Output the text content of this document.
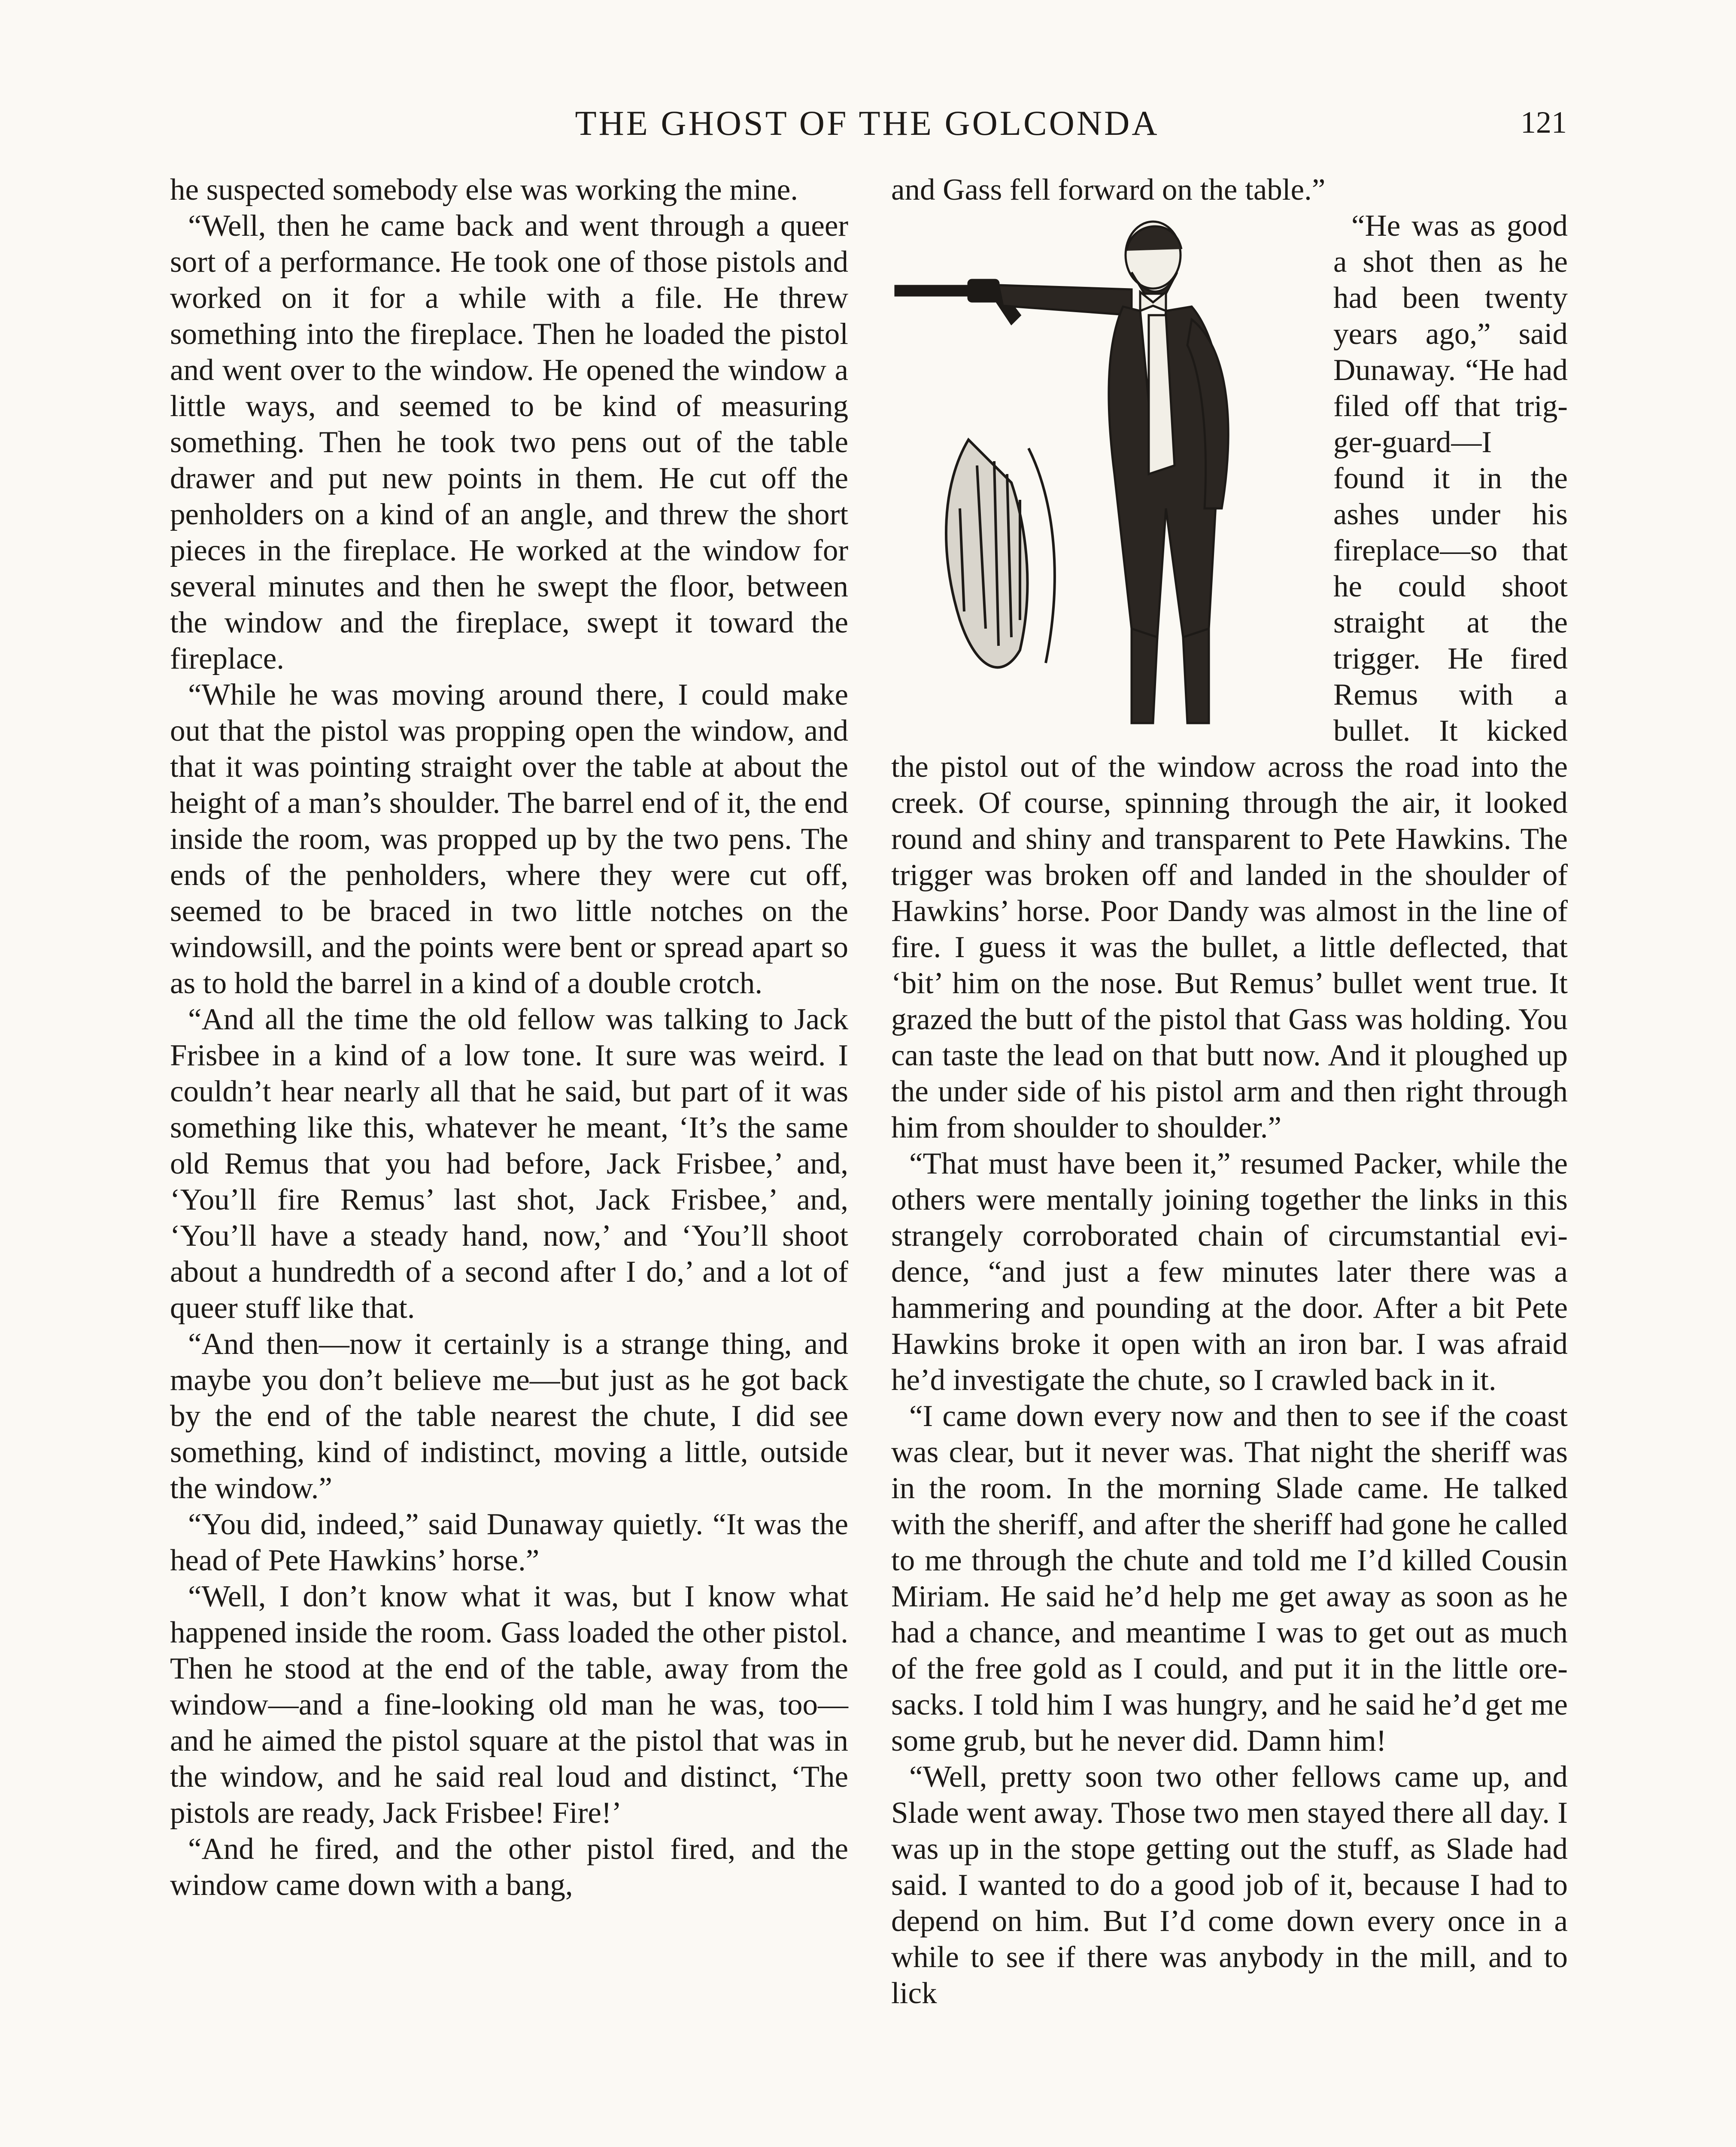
THE GHOST OF THE GOLCONDA	121

he suspected somebody else was working the mine.

“Well, then he came back and went through a queer sort of a performance. He took one of those pistols and worked on it for a while with a file. He threw something into the fireplace. Then he loaded the pistol and went over to the window. He opened the window a little ways, and seemed to be kind of measuring something. Then he took two pens out of the table drawer and put new points in them. He cut off the penholders on a kind of an angle, and threw the short pieces in the fireplace. He worked at the window for several minutes and then he swept the floor, between the window and the fireplace, swept it toward the fireplace.

“While he was moving around there, I could make out that the pistol was propping open the window, and that it was pointing straight over the table at about the height of a man’s shoulder. The barrel end of it, the end inside the room, was propped up by the two pens. The ends of the penholders, where they were cut off, seemed to be braced in two little notches on the windowsill, and the points were bent or spread apart so as to hold the barrel in a kind of a double crotch.

“And all the time the old fellow was talking to Jack Frisbee in a kind of a low tone. It sure was weird. I couldn’t hear nearly all that he said, but part of it was something like this, whatever he meant, ‘It’s the same old Remus that you had before, Jack Frisbee,’ and, ‘You’ll fire Remus’ last shot, Jack Frisbee,’ and, ‘You’ll have a steady hand, now,’ and ‘You’ll shoot about a hundredth of a second after I do,’ and a lot of queer stuff like that.

“And then—now it certainly is a strange thing, and maybe you don’t believe me—but just as he got back by the end of the table nearest the chute, I did see something, kind of indistinct, moving a little, outside the window.”

“You did, indeed,” said Dunaway quietly. “It was the head of Pete Hawkins’ horse.”

“Well, I don’t know what it was, but I know what happened inside the room. Gass loaded the other pistol. Then he stood at the end of the table, away from the window—and a fine-looking old man he was, too—and he aimed the pistol square at the pistol that was in the window, and he said real loud and distinct, ‘The pistols are ready, Jack Frisbee! Fire!’

“And he fired, and the other pistol fired, and the window came down with a bang,

and Gass fell forward on the table.”

“He was as good a shot then as he had been twenty years ago,” said Dunaway. “He had filed off that trigger-guard—I found it in the ashes under his fireplace—so that he could shoot straight at the trigger. He fired Remus with a bullet. It kicked the pistol out of the window across the road into the creek. Of course, spinning through the air, it looked round and shiny and transparent to Pete Hawkins. The trigger was broken off and landed in the shoulder of Hawkins’ horse. Poor Dandy was almost in the line of fire. I guess it was the bullet, a little deflected, that ‘bit’ him on the nose. But Remus’ bullet went true. It grazed the butt of the pistol that Gass was holding. You can taste the lead on that butt now. And it ploughed up the under side of his pistol arm and then right through him from shoulder to shoulder.”

“That must have been it,” resumed Packer, while the others were mentally joining together the links in this strangely corroborated chain of circumstantial evidence, “and just a few minutes later there was a hammering and pounding at the door. After a bit Pete Hawkins broke it open with an iron bar. I was afraid he’d investigate the chute, so I crawled back in it.

“I came down every now and then to see if the coast was clear, but it never was. That night the sheriff was in the room. In the morning Slade came. He talked with the sheriff, and after the sheriff had gone he called to me through the chute and told me I’d killed Cousin Miriam. He said he’d help me get away as soon as he had a chance, and meantime I was to get out as much of the free gold as I could, and put it in the little ore-sacks. I told him I was hungry, and he said he’d get me some grub, but he never did. Damn him!

“Well, pretty soon two other fellows came up, and Slade went away. Those two men stayed there all day. I was up in the stope getting out the stuff, as Slade had said. I wanted to do a good job of it, because I had to depend on him. But I’d come down every once in a while to see if there was anybody in the mill, and to lick
